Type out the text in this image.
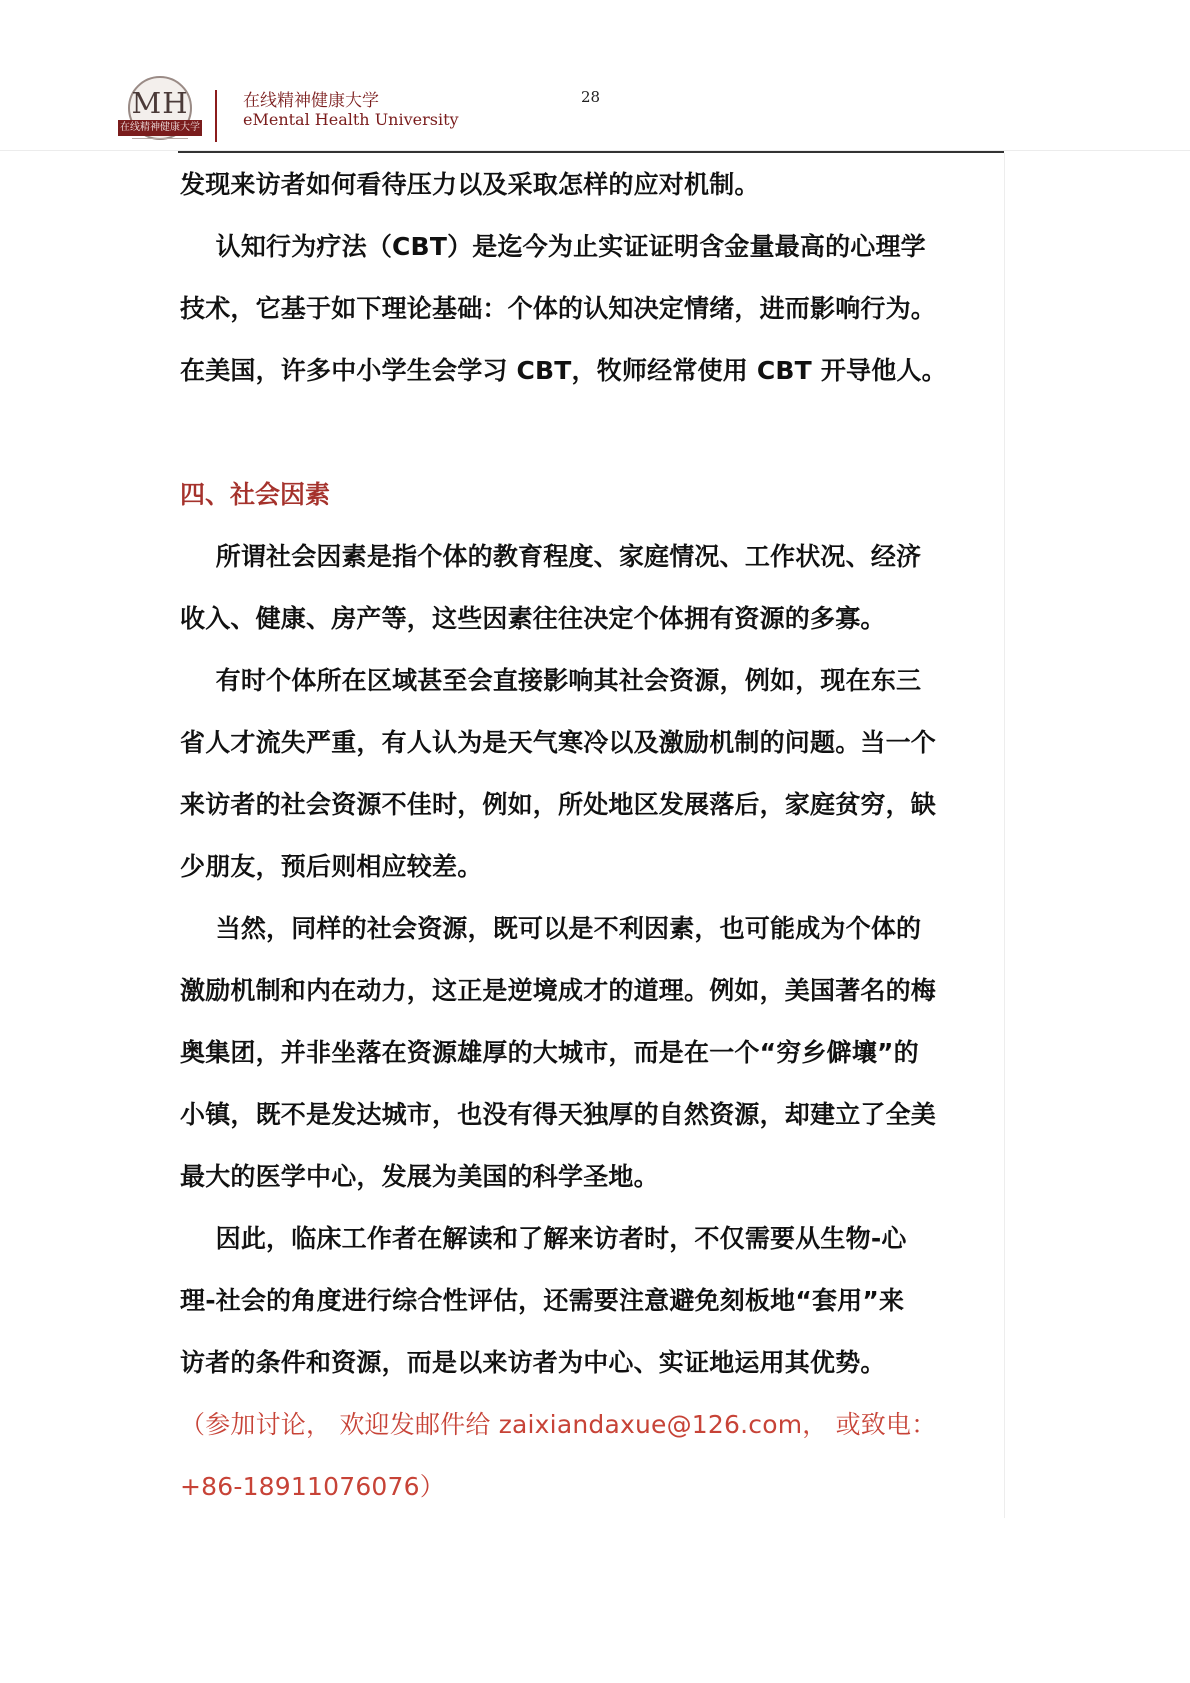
MH
在线精神健康大学
在线精神健康大学
eMental Health University
28

发现来访者如何看待压力以及采取怎样的应对机制。

认知行为疗法（CBT）是迄今为止实证证明含金量最高的心理学

技术，它基于如下理论基础：个体的认知决定情绪，进而影响行为。

在美国，许多中小学生会学习 CBT，牧师经常使用 CBT 开导他人。

四、社会因素

所谓社会因素是指个体的教育程度、家庭情况、工作状况、经济

收入、健康、房产等，这些因素往往决定个体拥有资源的多寡。

有时个体所在区域甚至会直接影响其社会资源，例如，现在东三

省人才流失严重，有人认为是天气寒冷以及激励机制的问题。当一个

来访者的社会资源不佳时，例如，所处地区发展落后，家庭贫穷，缺

少朋友，预后则相应较差。

当然，同样的社会资源，既可以是不利因素，也可能成为个体的

激励机制和内在动力，这正是逆境成才的道理。例如，美国著名的梅

奥集团，并非坐落在资源雄厚的大城市，而是在一个“穷乡僻壤”的

小镇，既不是发达城市，也没有得天独厚的自然资源，却建立了全美

最大的医学中心，发展为美国的科学圣地。

因此，临床工作者在解读和了解来访者时，不仅需要从生物-心

理-社会的角度进行综合性评估，还需要注意避免刻板地“套用”来

访者的条件和资源，而是以来访者为中心、实证地运用其优势。

（参加讨论， 欢迎发邮件给 zaixiandaxue@126.com， 或致电：

+86-18911076076）
